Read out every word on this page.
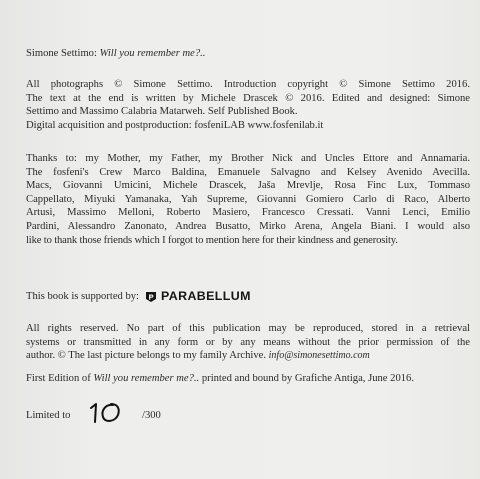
Simone Settimo: Will you remember me?..
All photographs © Simone Settimo. Introduction copyright © Simone Settimo 2016.
The text at the end is written by Michele Drascek © 2016. Edited and designed: Simone
Settimo and Massimo Calabria Matarweh. Self Published Book.
Digital acquisition and postproduction: fosfeniLAB www.fosfenilab.it
Thanks to: my Mother, my Father, my Brother Nick and Uncles Ettore and Annamaria.
The fosfeni's Crew Marco Baldina, Emanuele Salvagno and Kelsey Avenido Avecilla.
Macs, Giovanni Umicini, Michele Drascek, Jaša Mrevlje, Rosa Finc Lux, Tommaso
Cappellato, Miyuki Yamanaka, Yah Supreme, Giovanni Gomiero Carlo di Raco, Alberto
Artusi, Massimo Melloni, Roberto Masiero, Francesco Cressati. Vanni Lenci, Emilio
Pardini, Alessandro Zanonato, Andrea Busatto, Mirko Arena, Angela Biani. I would also
like to thank those friends which I forgot to mention here for their kindness and generosity.
This book is supported by: PARABELLUM
All rights reserved. No part of this publication may be reproduced, stored in a retrieval
systems or transmitted in any form or by any means without the prior permission of the
author. © The last picture belongs to my family Archive. info@simonesettimo.com
First Edition of Will you remember me?.. printed and bound by Grafiche Antiga, June 2016.
Limited to	/300
